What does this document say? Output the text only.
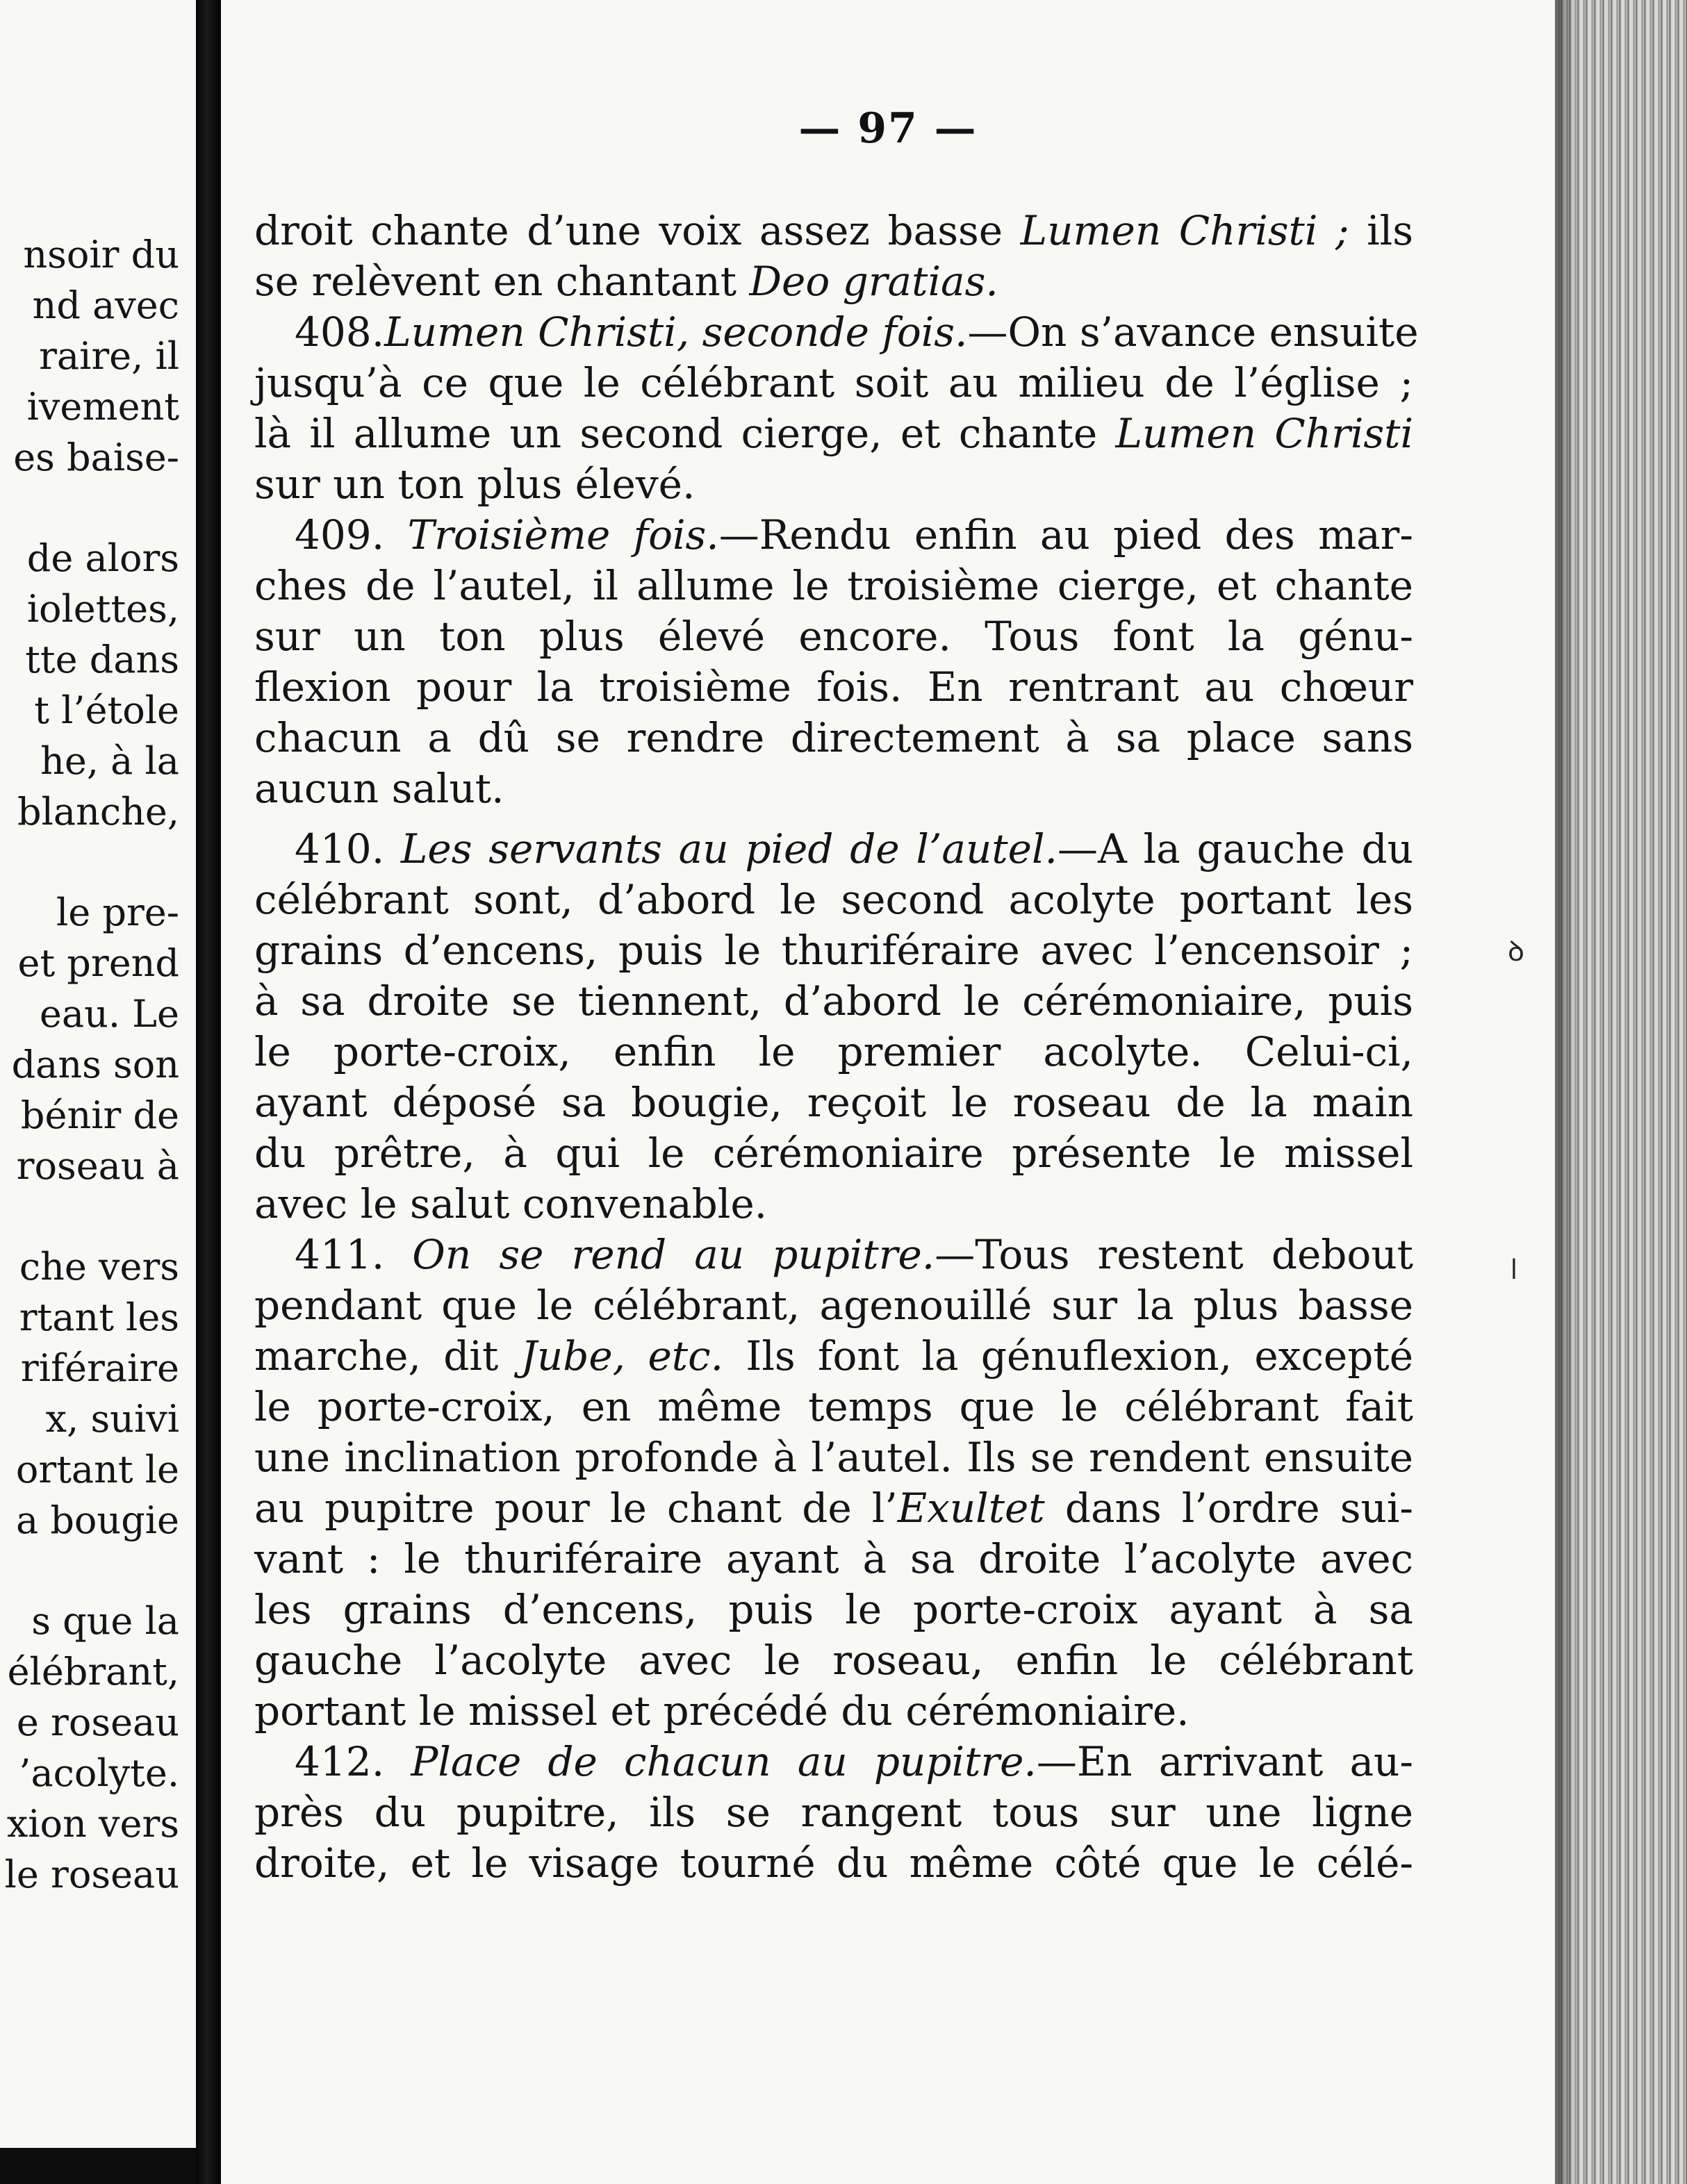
nsoir du
nd avec
raire, il
ivement
es baise-
de alors
iolettes,
tte dans
t l’étole
he, à la
blanche,
le pre-
et prend
eau. Le
dans son
bénir de
roseau à
che vers
rtant les
riféraire
x, suivi
ortant le
a bougie
s que la
élébrant,
e roseau
’acolyte.
xion vers
le roseau
— 97 —
droit chante d’une voix assez basse Lumen Christi ; ils
se relèvent en chantant Deo gratias.
408.Lumen Christi, seconde fois.—On s’avance ensuite
jusqu’à ce que le célébrant soit au milieu de l’église ;
là il allume un second cierge, et chante Lumen Christi
sur un ton plus élevé.
409. Troisième fois.—Rendu enfin au pied des mar-
ches de l’autel, il allume le troisième cierge, et chante
sur un ton plus élevé encore. Tous font la génu-
flexion pour la troisième fois. En rentrant au chœur
chacun a dû se rendre directement à sa place sans
aucun salut.
410. Les servants au pied de l’autel.—A la gauche du
célébrant sont, d’abord le second acolyte portant les
grains d’encens, puis le thuriféraire avec l’encensoir ;
à sa droite se tiennent, d’abord le cérémoniaire, puis
le porte-croix, enfin le premier acolyte. Celui-ci,
ayant déposé sa bougie, reçoit le roseau de la main
du prêtre, à qui le cérémoniaire présente le missel
avec le salut convenable.
411. On se rend au pupitre.—Tous restent debout
pendant que le célébrant, agenouillé sur la plus basse
marche, dit Jube, etc. Ils font la génuflexion, excepté
le porte-croix, en même temps que le célébrant fait
une inclination profonde à l’autel. Ils se rendent ensuite
au pupitre pour le chant de l’Exultet dans l’ordre sui-
vant : le thuriféraire ayant à sa droite l’acolyte avec
les grains d’encens, puis le porte-croix ayant à sa
gauche l’acolyte avec le roseau, enfin le célébrant
portant le missel et précédé du cérémoniaire.
412. Place de chacun au pupitre.—En arrivant au-
près du pupitre, ils se rangent tous sur une ligne
droite, et le visage tourné du même côté que le célé-
ꝺ
ǀ
